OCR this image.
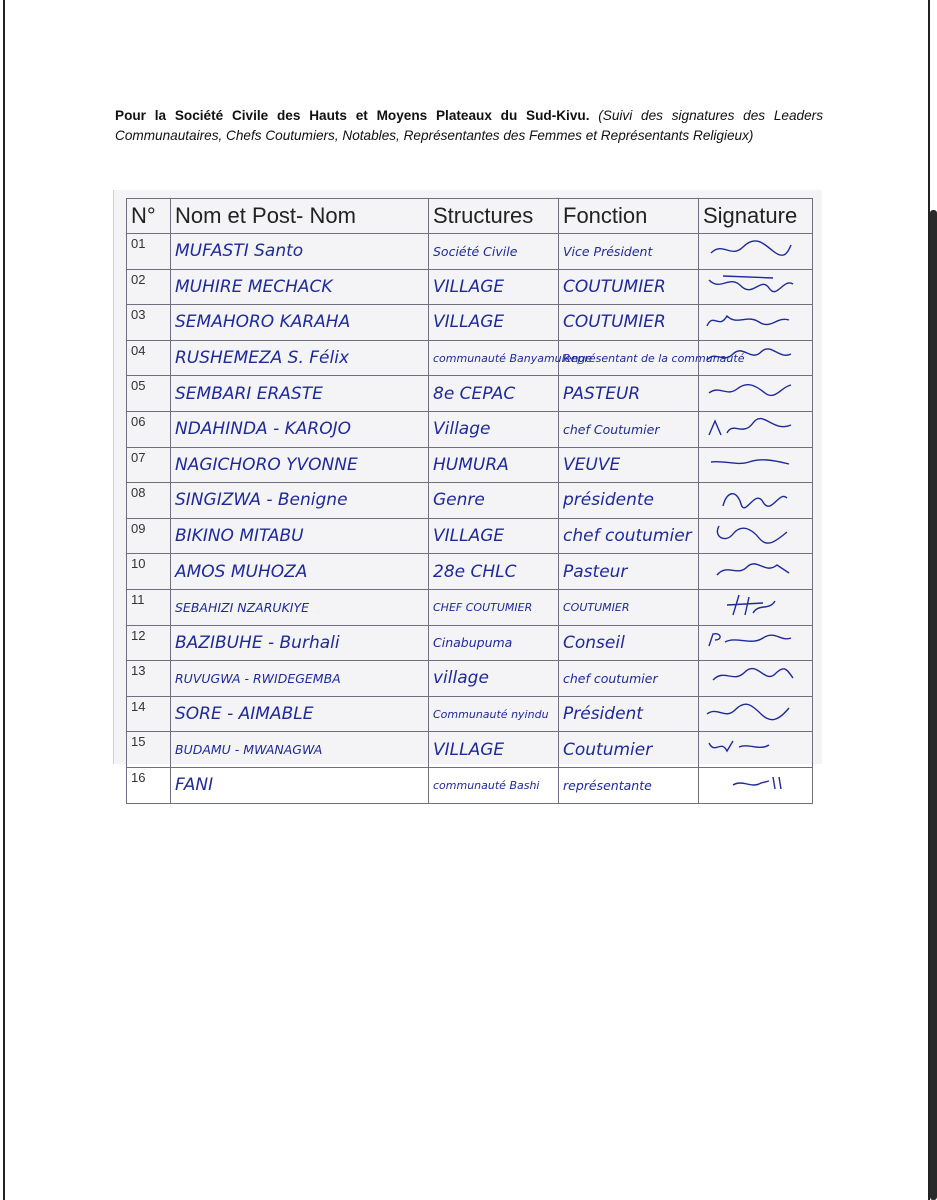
Pour la Société Civile des Hauts et Moyens Plateaux du Sud-Kivu. (Suivi des signatures des Leaders Communautaires, Chefs Coutumiers, Notables, Représentantes des Femmes et Représentants Religieux)
N°	Nom et Post- Nom	Structures	Fonction	Signature
01	MUFASTI Santo	Société Civile	Vice Président	
02	MUHIRE MECHACK	VILLAGE	COUTUMIER	
03	SEMAHORO KARAHA	VILLAGE	COUTUMIER	
04	RUSHEMEZA S. Félix	communauté Banyamulenge	Représentant de la communauté	
05	SEMBARI ERASTE	8e CEPAC	PASTEUR	
06	NDAHINDA - KAROJO	Village	chef Coutumier	
07	NAGICHORO YVONNE	HUMURA	VEUVE	
08	SINGIZWA - Benigne	Genre	présidente	
09	BIKINO MITABU	VILLAGE	chef coutumier	
10	AMOS MUHOZA	28e CHLC	Pasteur	
11	SEBAHIZI NZARUKIYE	CHEF COUTUMIER	COUTUMIER	
12	BAZIBUHE - Burhali	Cinabupuma	Conseil	
13	RUVUGWA - RWIDEGEMBA	village	chef coutumier	
14	SORE - AIMABLE	Communauté nyindu	Président	
15	BUDAMU - MWANAGWA	VILLAGE	Coutumier	
16	FANI	communauté Bashi	représentante	
